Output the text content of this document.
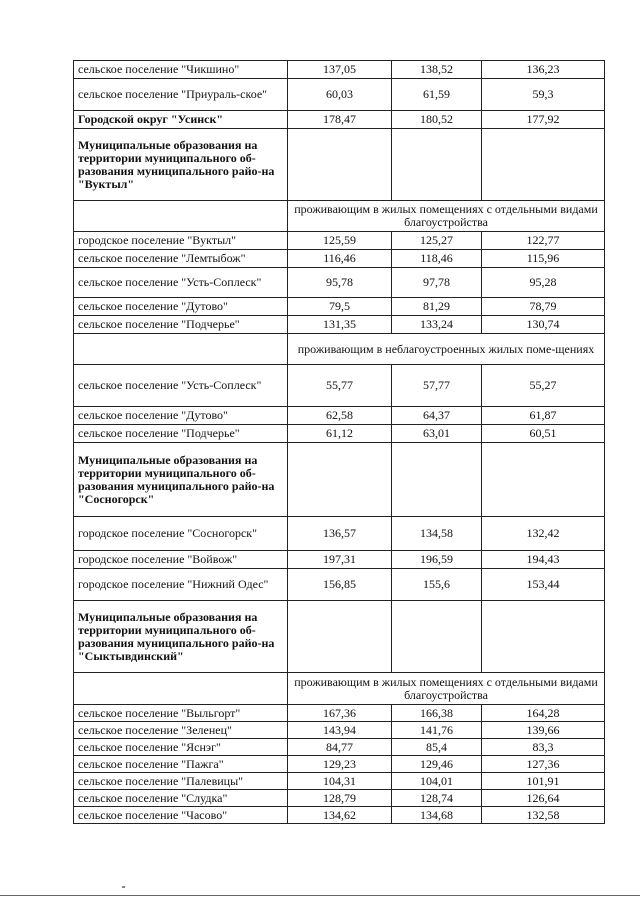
сельское поселение "Чикшино"	137,05	138,52	136,23
сельское поселение "Приураль-ское"	60,03	61,59	59,3
Городской округ "Усинск"	178,47	180,52	177,92
Муниципальные образования на территории муниципального об-разования муниципального райо-на "Вуктыл"			
	проживающим в жилых помещениях с отдельными видами благоустройства		
городское поселение "Вуктыл"	125,59	125,27	122,77
сельское поселение "Лемтыбож"	116,46	118,46	115,96
сельское поселение "Усть-Соплеск"	95,78	97,78	95,28
сельское поселение "Дутово"	79,5	81,29	78,79
сельское поселение "Подчерье"	131,35	133,24	130,74
	проживающим в неблагоустроенных жилых поме-щениях		
сельское поселение "Усть-Соплеск"	55,77	57,77	55,27
сельское поселение "Дутово"	62,58	64,37	61,87
сельское поселение "Подчерье"	61,12	63,01	60,51
Муниципальные образования на территории муниципального об-разования муниципального райо-на "Сосногорск"			
городское поселение "Сосногорск"	136,57	134,58	132,42
городское поселение "Войвож"	197,31	196,59	194,43
городское поселение "Нижний Одес"	156,85	155,6	153,44
Муниципальные образования на территории муниципального об-разования муниципального райо-на "Сыктывдинский"			
	проживающим в жилых помещениях с отдельными видами благоустройства		
сельское поселение "Выльгорт"	167,36	166,38	164,28
сельское поселение "Зеленец"	143,94	141,76	139,66
сельское поселение "Яснэг"	84,77	85,4	83,3
сельское поселение "Пажга"	129,23	129,46	127,36
сельское поселение "Палевицы"	104,31	104,01	101,91
сельское поселение "Слудка"	128,79	128,74	126,64
сельское поселение "Часово"	134,62	134,68	132,58
